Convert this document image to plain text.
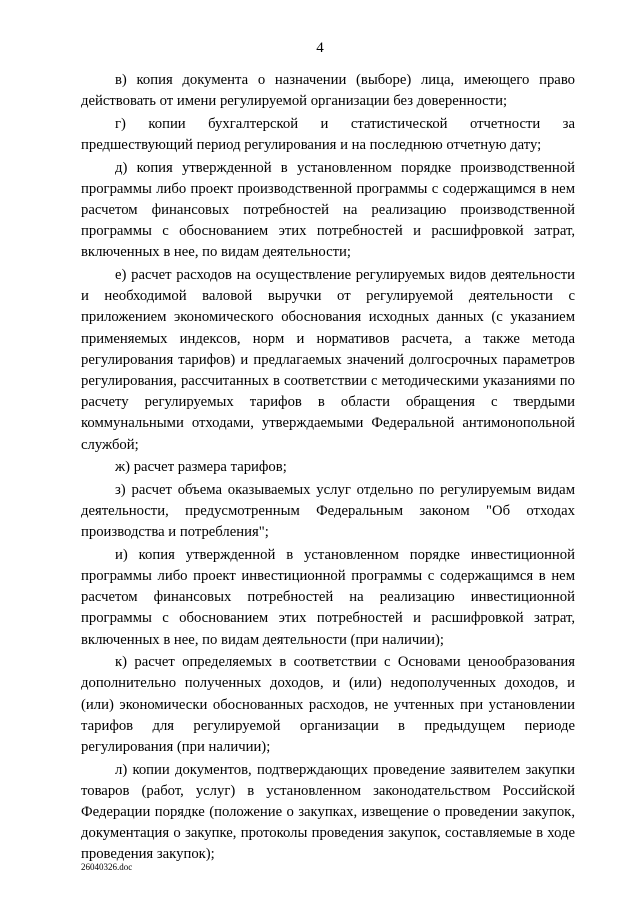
4

в) копия документа о назначении (выборе) лица, имеющего право действовать от имени регулируемой организации без доверенности;

г) копии бухгалтерской и статистической отчетности за предшествующий период регулирования и на последнюю отчетную дату;

д) копия утвержденной в установленном порядке производственной программы либо проект производственной программы с содержащимся в нем расчетом финансовых потребностей на реализацию производственной программы с обоснованием этих потребностей и расшифровкой затрат, включенных в нее, по видам деятельности;

е) расчет расходов на осуществление регулируемых видов деятельности и необходимой валовой выручки от регулируемой деятельности с приложением экономического обоснования исходных данных (с указанием применяемых индексов, норм и нормативов расчета, а также метода регулирования тарифов) и предлагаемых значений долгосрочных параметров регулирования, рассчитанных в соответствии с методическими указаниями по расчету регулируемых тарифов в области обращения с твердыми коммунальными отходами, утверждаемыми Федеральной антимонопольной службой;

ж) расчет размера тарифов;

з) расчет объема оказываемых услуг отдельно по регулируемым видам деятельности, предусмотренным Федеральным законом "Об отходах производства и потребления";

и) копия утвержденной в установленном порядке инвестиционной программы либо проект инвестиционной программы с содержащимся в нем расчетом финансовых потребностей на реализацию инвестиционной программы с обоснованием этих потребностей и расшифровкой затрат, включенных в нее, по видам деятельности (при наличии);

к) расчет определяемых в соответствии с Основами ценообразования дополнительно полученных доходов, и (или) недополученных доходов, и (или) экономически обоснованных расходов, не учтенных при установлении тарифов для регулируемой организации в предыдущем периоде регулирования (при наличии);

л) копии документов, подтверждающих проведение заявителем закупки товаров (работ, услуг) в установленном законодательством Российской Федерации порядке (положение о закупках, извещение о проведении закупок, документация о закупке, протоколы проведения закупок, составляемые в ходе проведения закупок);

26040326.doc
